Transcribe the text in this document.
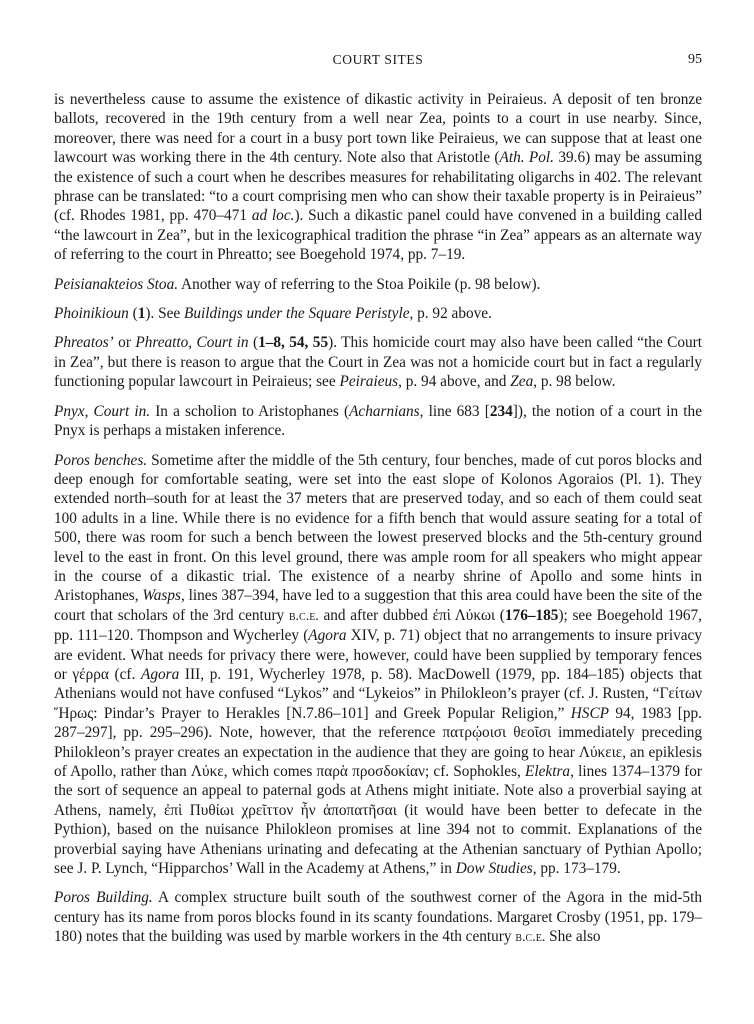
COURT SITES	95

is nevertheless cause to assume the existence of dikastic activity in Peiraieus. A deposit of ten bronze ballots, recovered in the 19th century from a well near Zea, points to a court in use nearby. Since, moreover, there was need for a court in a busy port town like Peiraieus, we can suppose that at least one lawcourt was working there in the 4th century. Note also that Aristotle (Ath. Pol. 39.6) may be assuming the existence of such a court when he describes measures for rehabilitating oligarchs in 402. The relevant phrase can be translated: “to a court comprising men who can show their taxable property is in Peiraieus” (cf. Rhodes 1981, pp. 470–471 ad loc.). Such a dikastic panel could have convened in a building called “the lawcourt in Zea”, but in the lexicographical tradition the phrase “in Zea” appears as an alternate way of referring to the court in Phreatto; see Boegehold 1974, pp. 7–19.

Peisianakteios Stoa. Another way of referring to the Stoa Poikile (p. 98 below).

Phoinikioun (1). See Buildings under the Square Peristyle, p. 92 above.

Phreatos’ or Phreatto, Court in (1–8, 54, 55). This homicide court may also have been called “the Court in Zea”, but there is reason to argue that the Court in Zea was not a homicide court but in fact a regularly functioning popular lawcourt in Peiraieus; see Peiraieus, p. 94 above, and Zea, p. 98 below.

Pnyx, Court in. In a scholion to Aristophanes (Acharnians, line 683 [234]), the notion of a court in the Pnyx is perhaps a mistaken inference.

Poros benches. Sometime after the middle of the 5th century, four benches, made of cut poros blocks and deep enough for comfortable seating, were set into the east slope of Kolonos Agoraios (Pl. 1). They extended north–south for at least the 37 meters that are preserved today, and so each of them could seat 100 adults in a line. While there is no evidence for a fifth bench that would assure seating for a total of 500, there was room for such a bench between the lowest preserved blocks and the 5th-century ground level to the east in front. On this level ground, there was ample room for all speakers who might appear in the course of a dikastic trial. The existence of a nearby shrine of Apollo and some hints in Aristophanes, Wasps, lines 387–394, have led to a suggestion that this area could have been the site of the court that scholars of the 3rd century b.c.e. and after dubbed ἐπὶ Λύκωι (176–185); see Boegehold 1967, pp. 111–120. Thompson and Wycherley (Agora XIV, p. 71) object that no arrangements to insure privacy are evident. What needs for privacy there were, however, could have been supplied by temporary fences or γέρρα (cf. Agora III, p. 191, Wycherley 1978, p. 58). MacDowell (1979, pp. 184–185) objects that Athenians would not have confused “Lykos” and “Lykeios” in Philokleon’s prayer (cf. J. Rusten, “Γείτων Ἥρως: Pindar’s Prayer to Herakles [N.7.86–101] and Greek Popular Religion,” HSCP 94, 1983 [pp. 287–297], pp. 295–296). Note, however, that the reference πατρῴοισι θεοῖσι immediately preceding Philokleon’s prayer creates an expectation in the audience that they are going to hear Λύκειε, an epiklesis of Apollo, rather than Λύκε, which comes παρὰ προσδοκίαν; cf. Sophokles, Elektra, lines 1374–1379 for the sort of sequence an appeal to paternal gods at Athens might initiate. Note also a proverbial saying at Athens, namely, ἐπὶ Πυθίωι χρεῖττον ἦν ἀποπατῆσαι (it would have been better to defecate in the Pythion), based on the nuisance Philokleon promises at line 394 not to commit. Explanations of the proverbial saying have Athenians urinating and defecating at the Athenian sanctuary of Pythian Apollo; see J. P. Lynch, “Hipparchos’ Wall in the Academy at Athens,” in Dow Studies, pp. 173–179.

Poros Building. A complex structure built south of the southwest corner of the Agora in the mid-5th century has its name from poros blocks found in its scanty foundations. Margaret Crosby (1951, pp. 179–180) notes that the building was used by marble workers in the 4th century b.c.e. She also
